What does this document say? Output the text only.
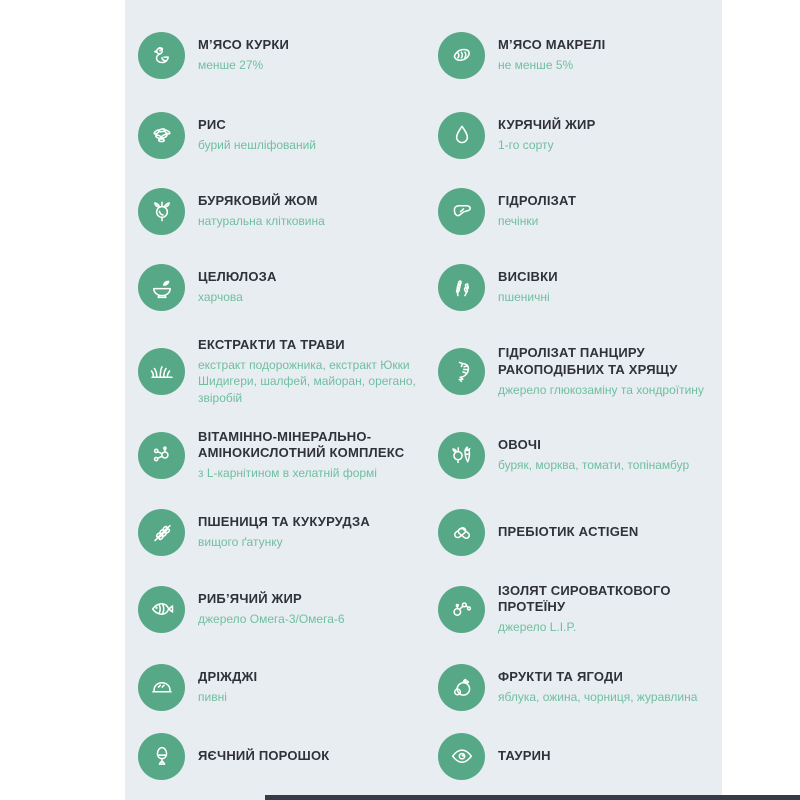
М’ЯСО КУРКИ
менше 27%
РИС
бурий нешліфований
БУРЯКОВИЙ ЖОМ
натуральна клітковина
ЦЕЛЮЛОЗА
харчова
ЕКСТРАКТИ ТА ТРАВИ
екстракт подорожника, екстракт Юкки Шидигери, шалфей, майоран, орегано, звіробій
ВІТАМІННО-МІНЕРАЛЬНО-АМІНОКИСЛОТНИЙ КОМПЛЕКС
з L-карнітином в хелатній формі
ПШЕНИЦЯ ТА КУКУРУДЗА
вищого ґатунку
РИБ’ЯЧИЙ ЖИР
джерело Омега-3/Омега-6
ДРІЖДЖІ
пивні
ЯЄЧНИЙ ПОРОШОК
М’ЯСО МАКРЕЛІ
не менше 5%
КУРЯЧИЙ ЖИР
1-го сорту
ГІДРОЛІЗАТ
печінки
ВИСІВКИ
пшеничні
ГІДРОЛІЗАТ ПАНЦИРУ РАКОПОДІБНИХ ТА ХРЯЩУ
джерело глюкозаміну та хондроїтину
ОВОЧІ
буряк, морква, томати, топінамбур
ПРЕБІОТИК ACTIGEN
ІЗОЛЯТ СИРОВАТКОВОГО ПРОТЕЇНУ
джерело L.I.P.
ФРУКТИ ТА ЯГОДИ
яблука, ожина, чорниця, журавлина
ТАУРИН
